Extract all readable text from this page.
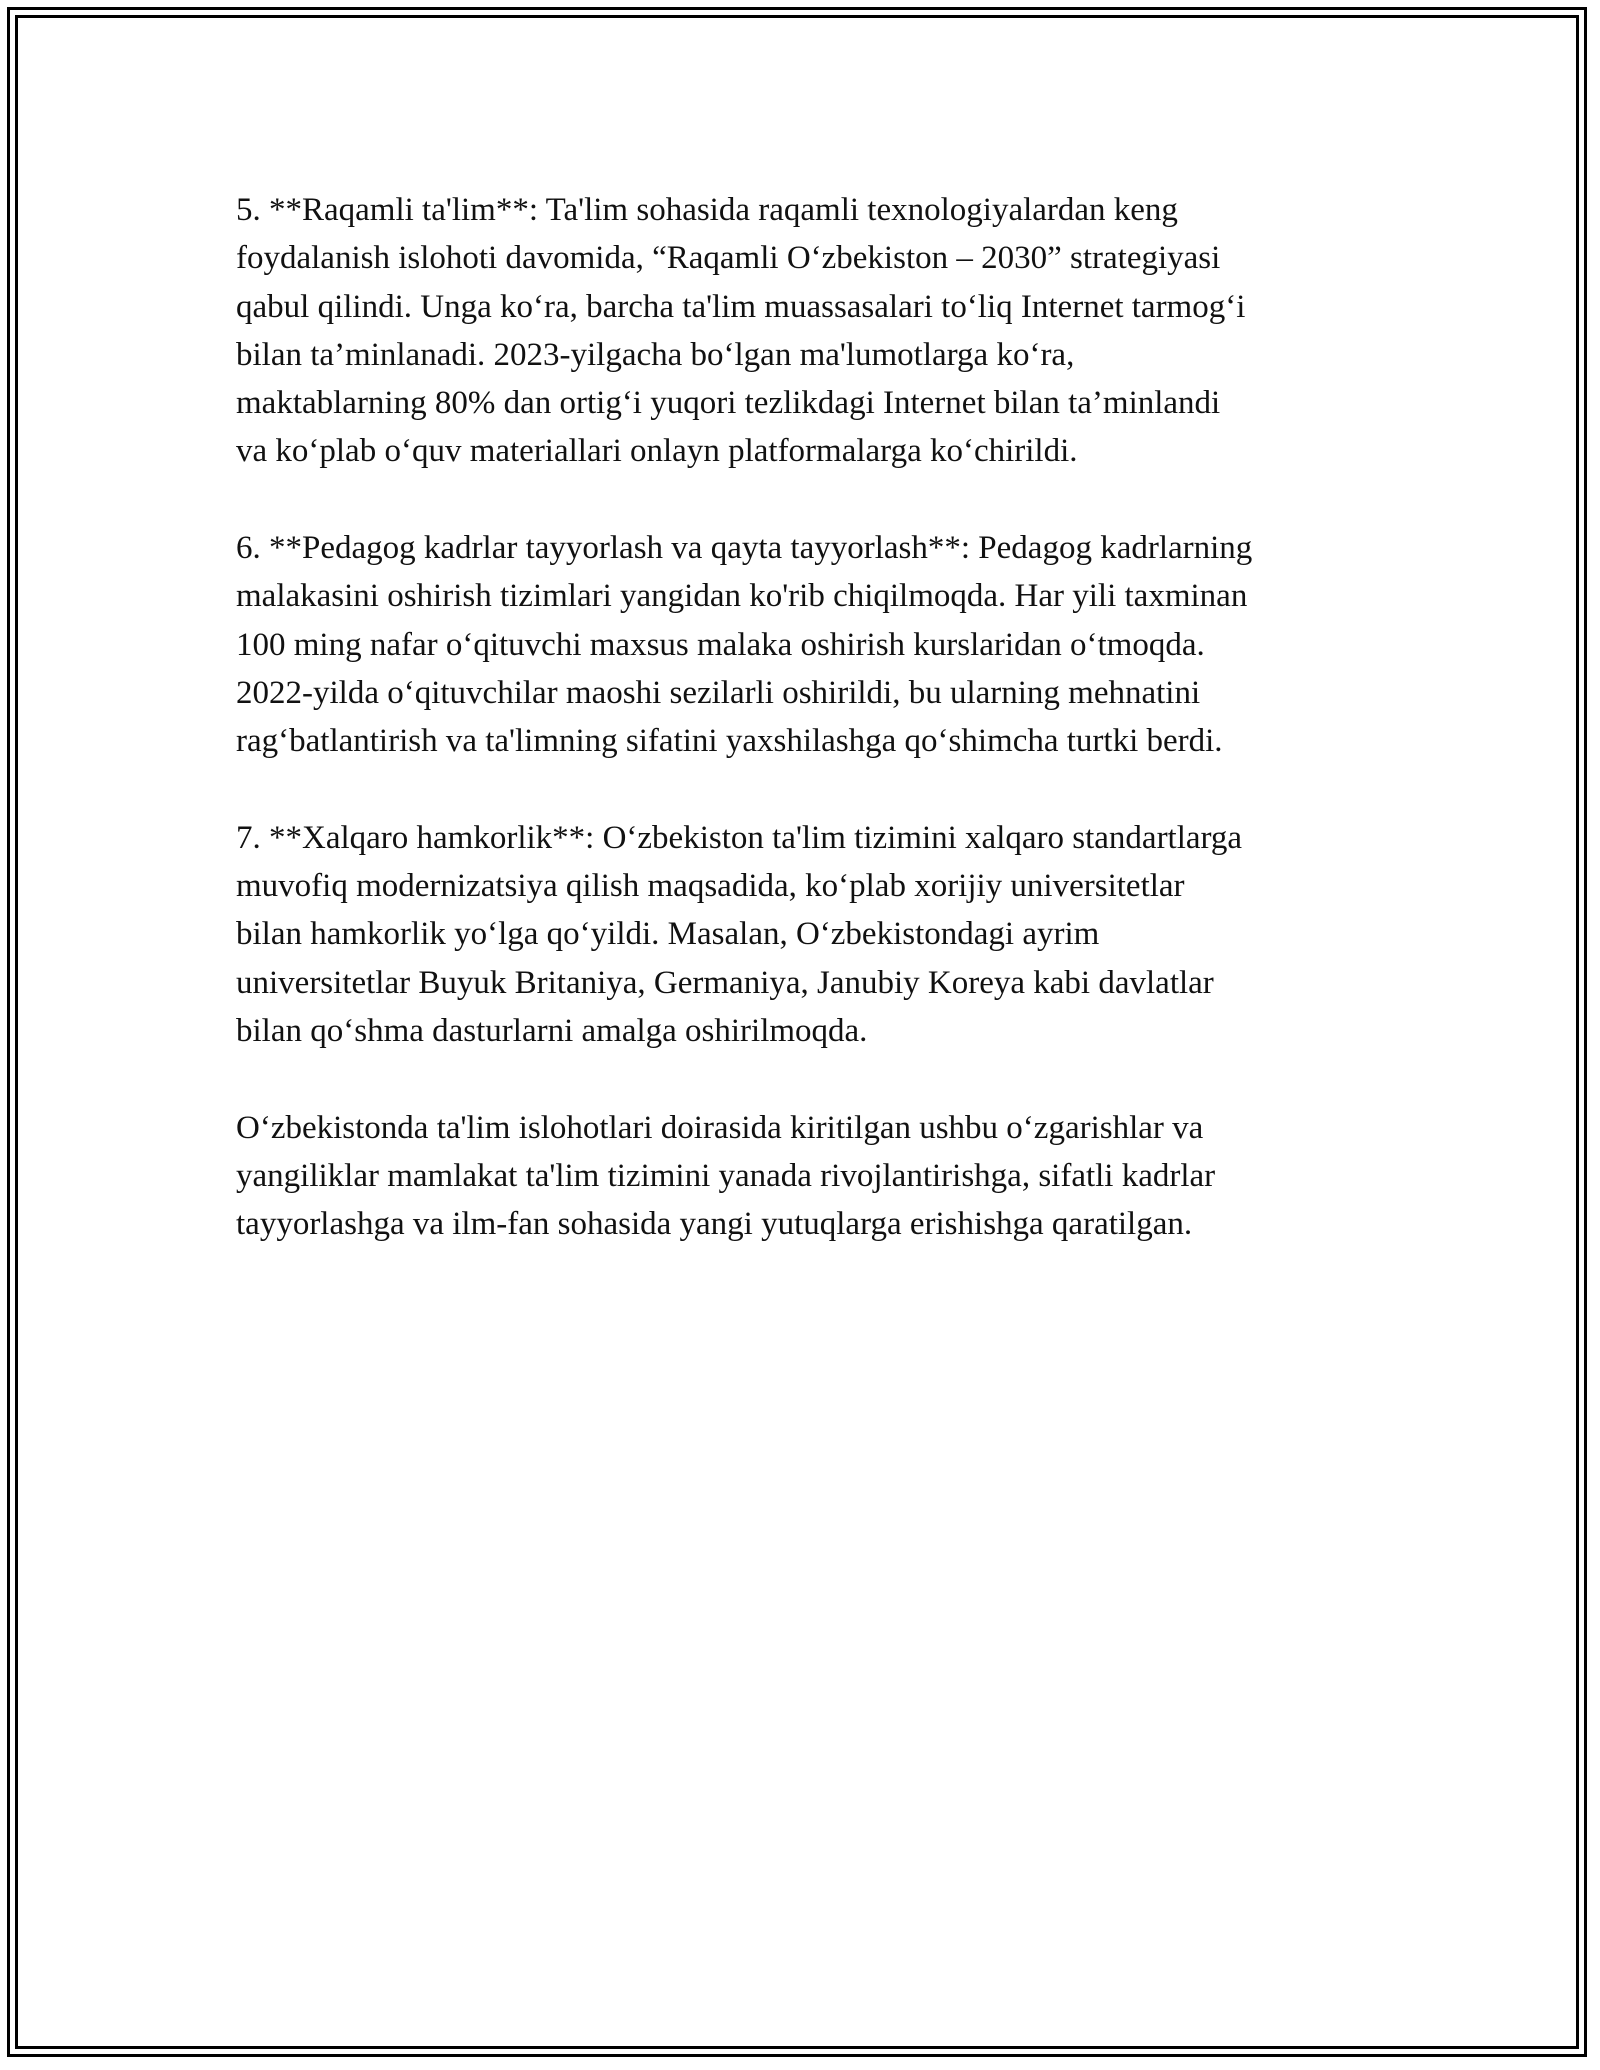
5. **Raqamli ta'lim**: Ta'lim sohasida raqamli texnologiyalardan keng
foydalanish islohoti davomida, “Raqamli O‘zbekiston – 2030” strategiyasi
qabul qilindi. Unga ko‘ra, barcha ta'lim muassasalari to‘liq Internet tarmog‘i
bilan ta’minlanadi. 2023-yilgacha bo‘lgan ma'lumotlarga ko‘ra,
maktablarning 80% dan ortig‘i yuqori tezlikdagi Internet bilan ta’minlandi
va ko‘plab o‘quv materiallari onlayn platformalarga ko‘chirildi.

6. **Pedagog kadrlar tayyorlash va qayta tayyorlash**: Pedagog kadrlarning
malakasini oshirish tizimlari yangidan ko'rib chiqilmoqda. Har yili taxminan
100 ming nafar o‘qituvchi maxsus malaka oshirish kurslaridan o‘tmoqda.
2022-yilda o‘qituvchilar maoshi sezilarli oshirildi, bu ularning mehnatini
rag‘batlantirish va ta'limning sifatini yaxshilashga qo‘shimcha turtki berdi.

7. **Xalqaro hamkorlik**: O‘zbekiston ta'lim tizimini xalqaro standartlarga
muvofiq modernizatsiya qilish maqsadida, ko‘plab xorijiy universitetlar
bilan hamkorlik yo‘lga qo‘yildi. Masalan, O‘zbekistondagi ayrim
universitetlar Buyuk Britaniya, Germaniya, Janubiy Koreya kabi davlatlar
bilan qo‘shma dasturlarni amalga oshirilmoqda.

O‘zbekistonda ta'lim islohotlari doirasida kiritilgan ushbu o‘zgarishlar va
yangiliklar mamlakat ta'lim tizimini yanada rivojlantirishga, sifatli kadrlar
tayyorlashga va ilm-fan sohasida yangi yutuqlarga erishishga qaratilgan.
